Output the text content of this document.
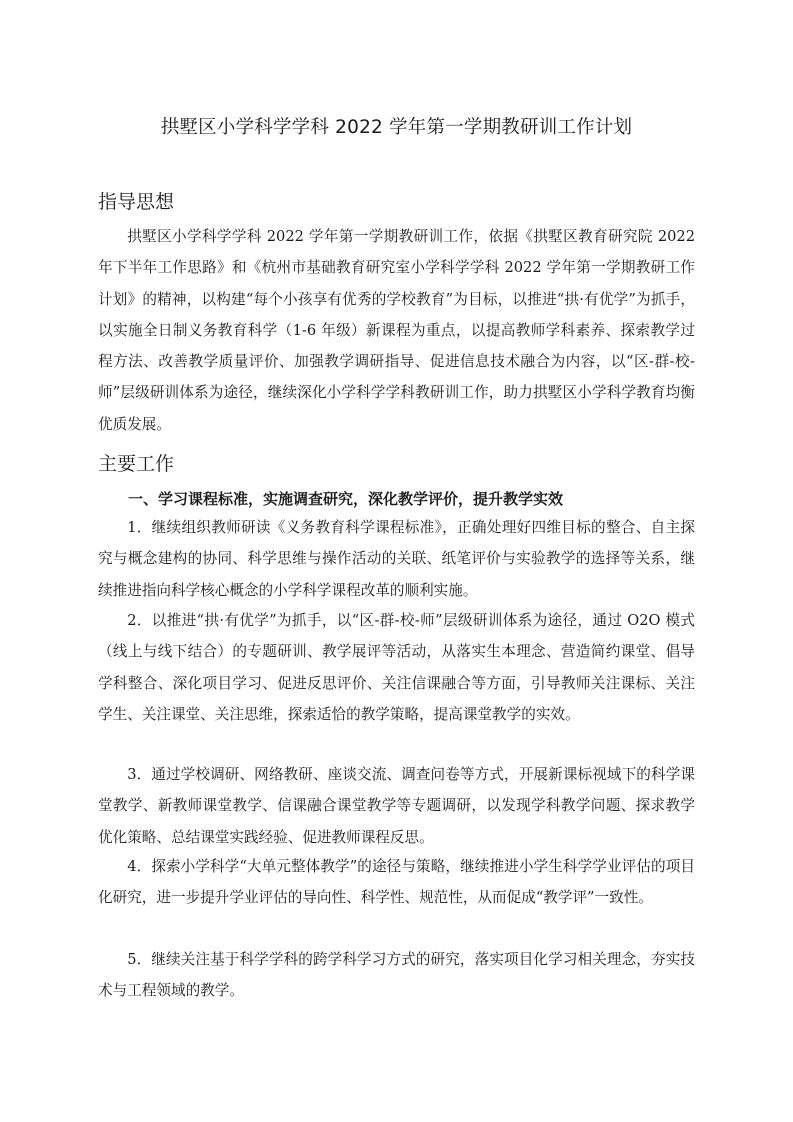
拱墅区小学科学学科 2022 学年第一学期教研训工作计划
指导思想

拱墅区小学科学学科 2022 学年第一学期教研训工作，依据《拱墅区教育研究院 2022 年下半年工作思路》和《杭州市基础教育研究室小学科学学科 2022 学年第一学期教研工作计划》的精神，以构建“每个小孩享有优秀的学校教育”为目标，以推进“拱·有优学”为抓手，以实施全日制义务教育科学（1-6 年级）新课程为重点，以提高教师学科素养、探索教学过程方法、改善教学质量评价、加强教学调研指导、促进信息技术融合为内容，以“区-群-校-师”层级研训体系为途径，继续深化小学科学学科教研训工作，助力拱墅区小学科学教育均衡优质发展。

主要工作
一、学习课程标准，实施调查研究，深化教学评价，提升教学实效

1．继续组织教师研读《义务教育科学课程标准》，正确处理好四维目标的整合、自主探究与概念建构的协同、科学思维与操作活动的关联、纸笔评价与实验教学的选择等关系，继续推进指向科学核心概念的小学科学课程改革的顺利实施。

2．以推进“拱·有优学”为抓手，以“区-群-校-师”层级研训体系为途径，通过 O2O 模式（线上与线下结合）的专题研训、教学展评等活动，从落实生本理念、营造简约课堂、倡导学科整合、深化项目学习、促进反思评价、关注信课融合等方面，引导教师关注课标、关注学生、关注课堂、关注思维，探索适恰的教学策略，提高课堂教学的实效。

3．通过学校调研、网络教研、座谈交流、调查问卷等方式，开展新课标视域下的科学课堂教学、新教师课堂教学、信课融合课堂教学等专题调研，以发现学科教学问题、探求教学优化策略、总结课堂实践经验、促进教师课程反思。

4．探索小学科学“大单元整体教学”的途径与策略，继续推进小学生科学学业评估的项目化研究，进一步提升学业评估的导向性、科学性、规范性，从而促成“教学评”一致性。

5．继续关注基于科学学科的跨学科学习方式的研究，落实项目化学习相关理念，夯实技术与工程领域的教学。
